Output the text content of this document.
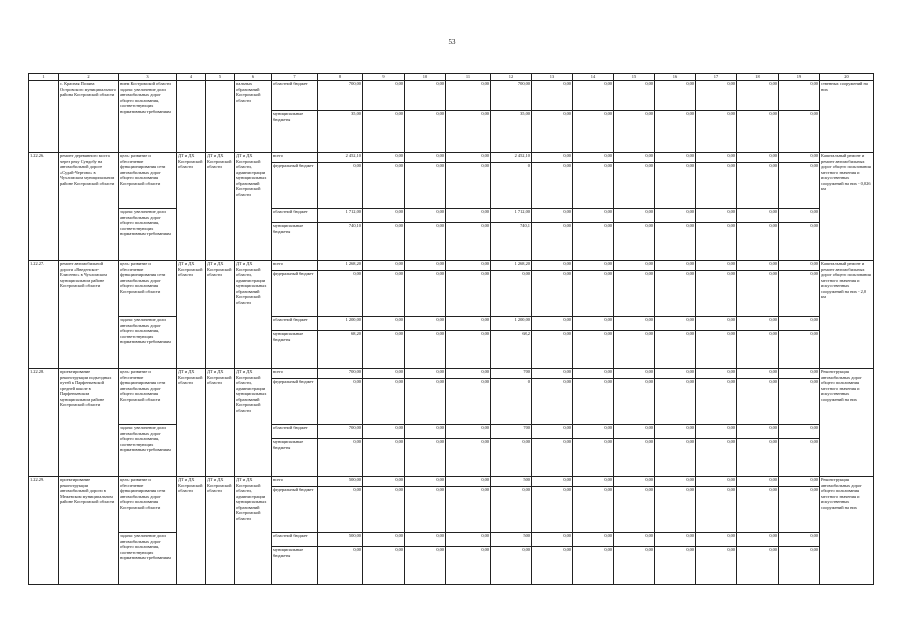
53
1	2	3	4	5	6	7	8	9	10	11	12	13	14	15	16	17	18	19	20
	с. Красная Поляна Островского муниципального района Костромской области	нием Костромской области задача: увеличение доли автомобильных дорог общего пользования, соответствующих нормативным требованиям			пальных образований Костромской области	областной бюджет	700,00	0,00	0,00	0,00	700,00	0,00	0,00	0,00	0,00	0,00	0,00	0,00	ственных сооружений на них
						муниципальные бюджеты	35,00	0,00	0,00	0,00	35,00	0,00	0,00	0,00	0,00	0,00	0,00	0,00	
1.22.26.	ремонт деревянного моста через реку Сундобу на автомобильной дороге «Судай-Чертово» в Чухломском муниципальном районе Костромской области	цель: развитие и обеспечение функционирования сети автомобильных дорог общего пользования Костромской области	ДТ и ДХ Костромской области	ДТ и ДХ Костромской области	ДТ и ДХ Костромской области, администрации муниципальных образований Костромской области	всего	2 452,10	0,00	0,00	0,00	2 452,10	0,00	0,00	0,00	0,00	0,00	0,00	0,00	Капитальный ремонт и ремонт автомобильных дорог общего пользования местного значения и искусственных сооружений на них - 0,026 км
						федеральный бюджет	0,00	0,00	0,00	0,00	0	0,00	0,00	0,00	0,00	0,00	0,00	0,00	
		задача: увеличение доли автомобильных дорог общего пользования, соответствующих нормативным требованиям				областной бюджет	1 712,00	0,00	0,00	0,00	1 712,00	0,00	0,00	0,00	0,00	0,00	0,00	0,00	
						муниципальные бюджеты	740,10	0,00	0,00	0,00	740,1	0,00	0,00	0,00	0,00	0,00	0,00	0,00	
1.22.27.	ремонт автомобильной дороги «Введенское-Елисеево» в Чухломском муниципальном районе Костромской области	цель: развитие и обеспечение функционирования сети автомобильных дорог общего пользования Костромской области	ДТ и ДХ Костромской области	ДТ и ДХ Костромской области	ДТ и ДХ Костромской области, администрации муниципальных образований Костромской области	всего	1 268,20	0,00	0,00	0,00	1 268,20	0,00	0,00	0,00	0,00	0,00	0,00	0,00	Капитальный ремонт и ремонт автомобильных дорог общего пользования местного значения и искусственных сооружений на них - 2,0 км
						федеральный бюджет	0,00	0,00	0,00	0,00	0,00	0,00	0,00	0,00	0,00	0,00	0,00	0,00	
		задача: увеличение доли автомобильных дорог общего пользования, соответствующих нормативным требованиям				областной бюджет	1 200,00	0,00	0,00	0,00	1 200,00	0,00	0,00	0,00	0,00	0,00	0,00	0,00	
						муниципальные бюджеты	68,20	0,00	0,00	0,00	68,2	0,00	0,00	0,00	0,00	0,00	0,00	0,00	
1.22.28.	проектирование реконструкции подъездных путей к Парфеньевской средней школе в Парфеньевском муниципальном районе Костромской области	цель: развитие и обеспечение функционирования сети автомобильных дорог общего пользования Костромской области	ДТ и ДХ Костромской области	ДТ и ДХ Костромской области	ДТ и ДХ Костромской области, администрации муниципальных образований Костромской области	всего	700,00	0,00	0,00	0,00	700	0,00	0,00	0,00	0,00	0,00	0,00	0,00	Реконструкция автомобильных дорог общего пользования местного значения и искусственных сооружений на них
						федеральный бюджет	0,00	0,00	0,00	0,00	0	0,00	0,00	0,00	0,00	0,00	0,00	0,00	
		задача: увеличение доли автомобильных дорог общего пользования, соответствующих нормативным требованиям				областной бюджет	700,00	0,00	0,00	0,00	700	0,00	0,00	0,00	0,00	0,00	0,00	0,00	
						муниципальные бюджеты	0,00	0,00	0,00	0,00	0,00	0,00	0,00	0,00	0,00	0,00	0,00	0,00	
1.22.29.	проектирование реконструкции автомобильной дороги в Межевском муниципальном районе Костромской области	цель: развитие и обеспечение функционирования сети автомобильных дорог общего пользования Костромской области	ДТ и ДХ Костромской области	ДТ и ДХ Костромской области	ДТ и ДХ Костромской области, администрации муниципальных образований Костромской области	всего	500,00	0,00	0,00	0,00	500	0,00	0,00	0,00	0,00	0,00	0,00	0,00	Реконструкция автомобильных дорог общего пользования местного значения и искусственных сооружений на них
						федеральный бюджет	0,00	0,00	0,00	0,00	0,00	0,00	0,00	0,00	0,00	0,00	0,00	0,00	
		задача: увеличение доли автомобильных дорог общего пользования, соответствующих нормативным требованиям				областной бюджет	500,00	0,00	0,00	0,00	500	0,00	0,00	0,00	0,00	0,00	0,00	0,00	
						муниципальные бюджеты	0,00	0,00	0,00	0,00	0,00	0,00	0,00	0,00	0,00	0,00	0,00	0,00	
